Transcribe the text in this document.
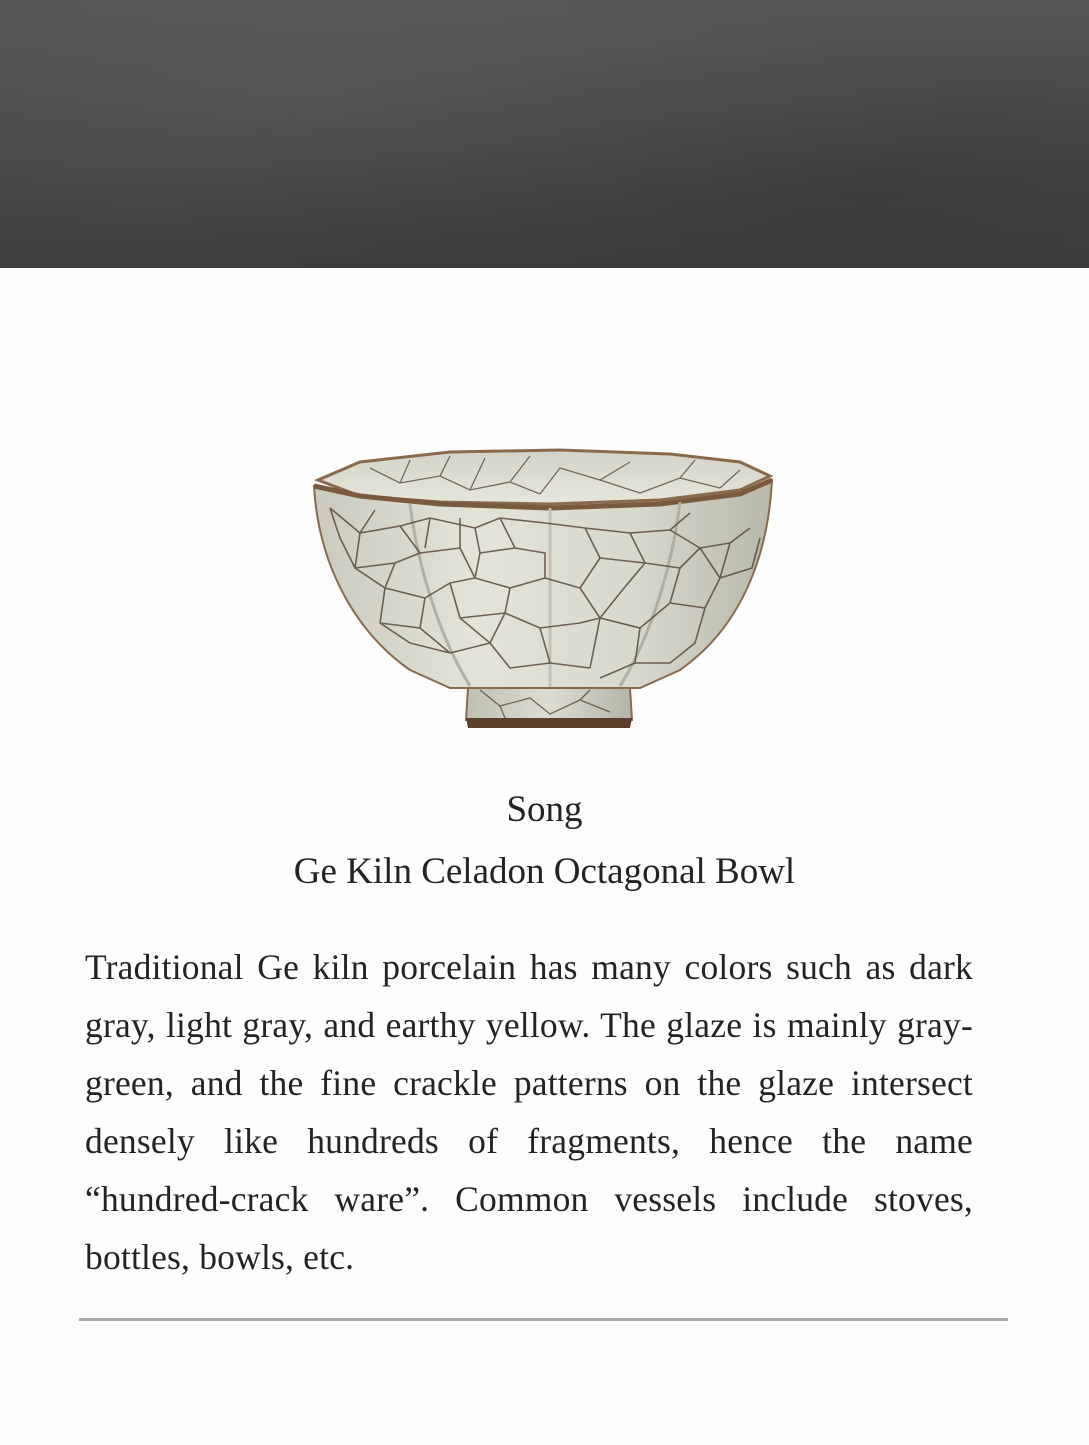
Song
Ge Kiln Celadon Octagonal Bowl

Traditional Ge kiln porcelain has many colors such as dark gray, light gray, and earthy yellow. The glaze is mainly gray-green, and the fine crackle patterns on the glaze intersect densely like hundreds of fragments, hence the name “hundred-crack ware”. Common vessels include stoves, bottles, bowls, etc.
